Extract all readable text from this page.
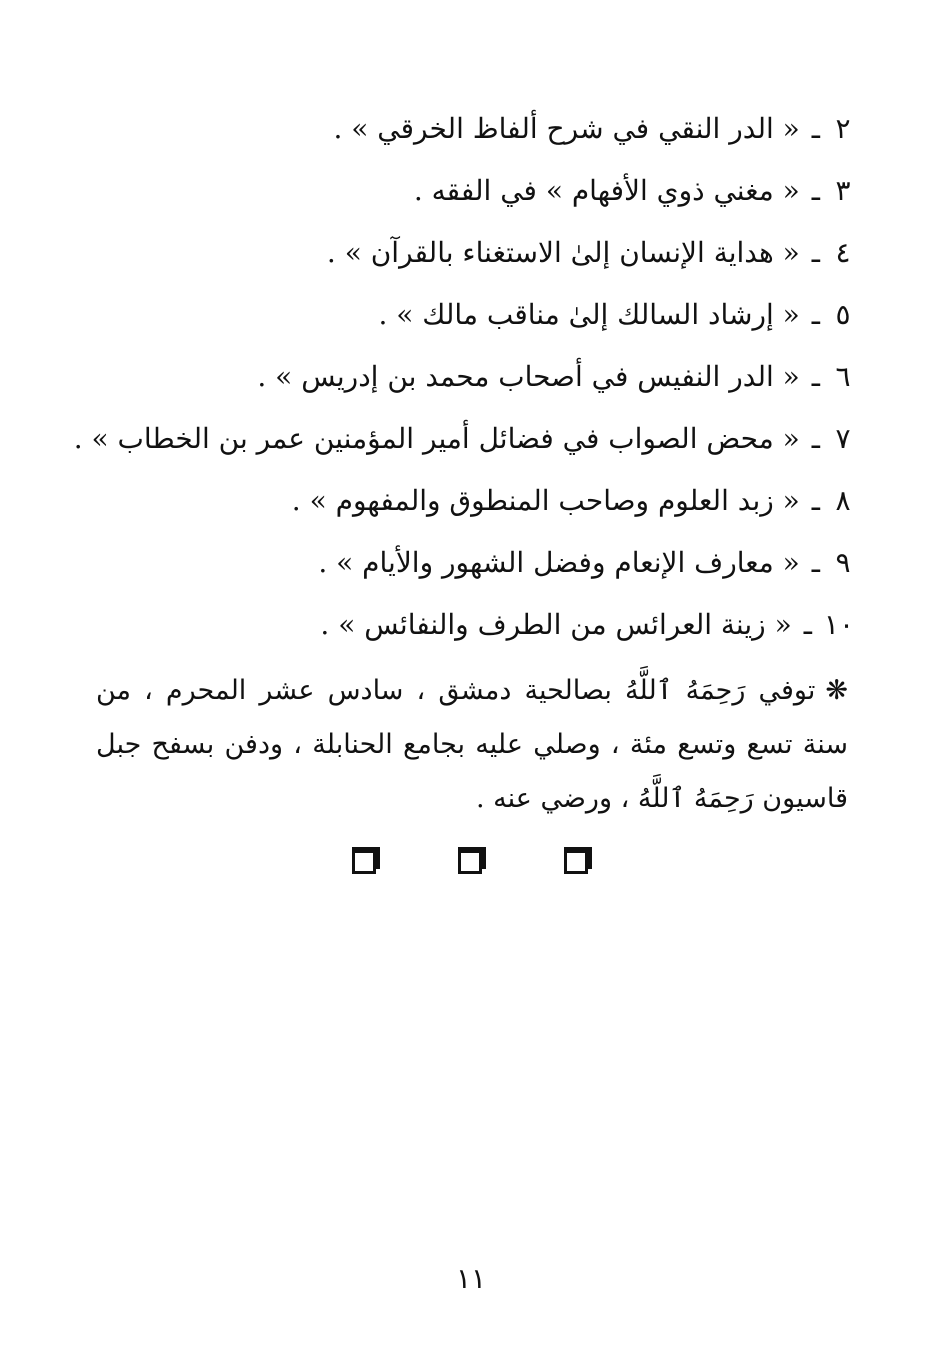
٢ـ« الدر النقي في شرح ألفاظ الخرقي » .
٣ـ« مغني ذوي الأفهام » في الفقه .
٤ـ« هداية الإنسان إلىٰ الاستغناء بالقرآن » .
٥ـ« إرشاد السالك إلىٰ مناقب مالك » .
٦ـ« الدر النفيس في أصحاب محمد بن إدريس » .
٧ـ« محض الصواب في فضائل أمير المؤمنين عمر بن الخطاب » .
٨ـ« زبد العلوم وصاحب المنطوق والمفهوم » .
٩ـ« معارف الإنعام وفضل الشهور والأيام » .
١٠ـ« زينة العرائس من الطرف والنفائس » .

❋توفي رَحِمَهُ ٱللَّهُ بصالحية دمشق ، سادس عشر المحرم ، من سنة تسع وتسع مئة ، وصلي عليه بجامع الحنابلة ، ودفن بسفح جبل قاسيون رَحِمَهُ ٱللَّهُ ، ورضي عنه .

١١
